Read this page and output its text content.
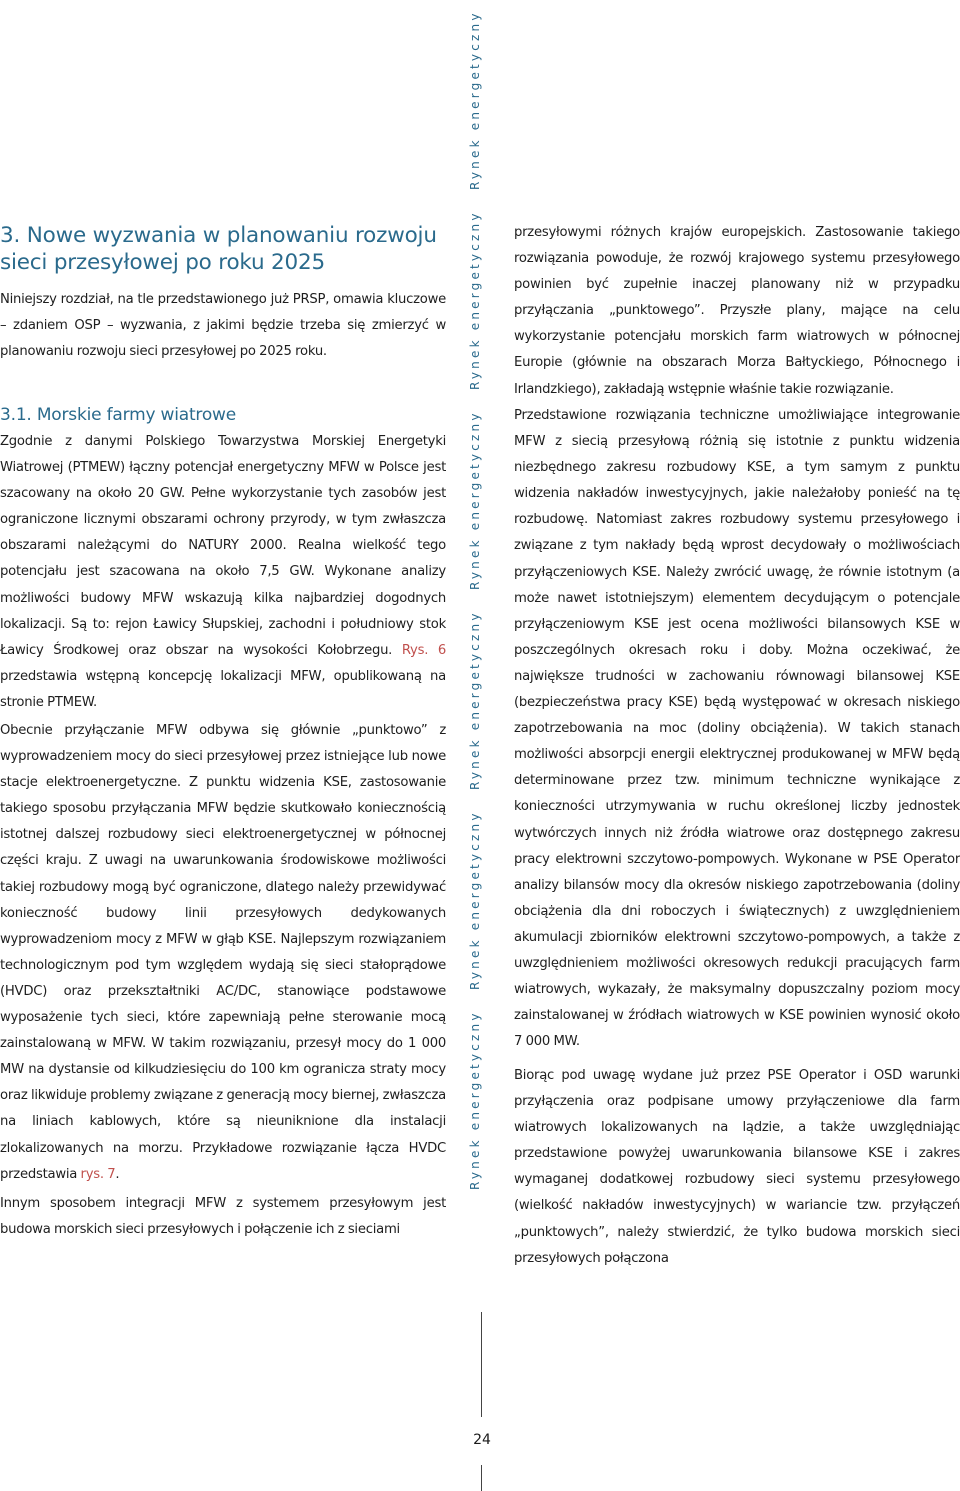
3. Nowe wyzwania w planowaniu rozwoju sieci przesyłowej po roku 2025

Niniejszy rozdział, na tle przedstawionego już PRSP, omawia kluczowe – zdaniem OSP – wyzwania, z jakimi będzie trzeba się zmierzyć w planowaniu rozwoju sieci przesyłowej po 2025 roku.

3.1. Morskie farmy wiatrowe

Zgodnie z danymi Polskiego Towarzystwa Morskiej Energetyki Wiatrowej (PTMEW) łączny potencjał energetyczny MFW w Polsce jest szacowany na około 20 GW. Pełne wykorzystanie tych zasobów jest ograniczone licznymi obszarami ochrony przyrody, w tym zwłaszcza obszarami należącymi do NATURY 2000. Realna wielkość tego potencjału jest szacowana na około 7,5 GW. Wykonane analizy możliwości budowy MFW wskazują kilka najbardziej dogodnych lokalizacji. Są to: rejon Ławicy Słupskiej, zachodni i południowy stok Ławicy Środkowej oraz obszar na wysokości Kołobrzegu. Rys. 6 przedstawia wstępną koncepcję lokalizacji MFW, opublikowaną na stronie PTMEW.

Obecnie przyłączanie MFW odbywa się głównie „punktowo” z wyprowadzeniem mocy do sieci przesyłowej przez istniejące lub nowe stacje elektroenergetyczne. Z punktu widzenia KSE, zastosowanie takiego sposobu przyłączania MFW będzie skutkowało koniecznością istotnej dalszej rozbudowy sieci elektroenergetycznej w północnej części kraju. Z uwagi na uwarunkowania środowiskowe możliwości takiej rozbudowy mogą być ograniczone, dlatego należy przewidywać konieczność budowy linii przesyłowych dedykowanych wyprowadzeniom mocy z MFW w głąb KSE. Najlepszym rozwiązaniem technologicznym pod tym względem wydają się sieci stałoprądowe (HVDC) oraz przekształtniki AC/DC, stanowiące podstawowe wyposażenie tych sieci, które zapewniają pełne sterowanie mocą zainstalowaną w MFW. W takim rozwiązaniu, przesył mocy do 1 000 MW na dystansie od kilkudziesięciu do 100 km ogranicza straty mocy oraz likwiduje problemy związane z generacją mocy biernej, zwłaszcza na liniach kablowych, które są nieuniknione dla instalacji zlokalizowanych na morzu. Przykładowe rozwiązanie łącza HVDC przedstawia rys. 7.

Innym sposobem integracji MFW z systemem przesyłowym jest budowa morskich sieci przesyłowych i połączenie ich z sieciami

Rynek energetyczny
Rynek energetyczny
Rynek energetyczny
Rynek energetyczny
Rynek energetyczny
Rynek energetyczny
24

przesyłowymi różnych krajów europejskich. Zastosowanie takiego rozwiązania powoduje, że rozwój krajowego systemu przesyłowego powinien być zupełnie inaczej planowany niż w przypadku przyłączania „punktowego”. Przyszłe plany, mające na celu wykorzystanie potencjału morskich farm wiatrowych w północnej Europie (głównie na obszarach Morza Bałtyckiego, Północnego i Irlandzkiego), zakładają wstępnie właśnie takie rozwiązanie.

Przedstawione rozwiązania techniczne umożliwiające integrowanie MFW z siecią przesyłową różnią się istotnie z punktu widzenia niezbędnego zakresu rozbudowy KSE, a tym samym z punktu widzenia nakładów inwestycyjnych, jakie należałoby ponieść na tę rozbudowę. Natomiast zakres rozbudowy systemu przesyłowego i związane z tym nakłady będą wprost decydowały o możliwościach przyłączeniowych KSE. Należy zwrócić uwagę, że równie istotnym (a może nawet istotniejszym) elementem decydującym o potencjale przyłączeniowym KSE jest ocena możliwości bilansowych KSE w poszczególnych okresach roku i doby. Można oczekiwać, że największe trudności w zachowaniu równowagi bilansowej KSE (bezpieczeństwa pracy KSE) będą występować w okresach niskiego zapotrzebowania na moc (doliny obciążenia). W takich stanach możliwości absorpcji energii elektrycznej produkowanej w MFW będą determinowane przez tzw. minimum techniczne wynikające z konieczności utrzymywania w ruchu określonej liczby jednostek wytwórczych innych niż źródła wiatrowe oraz dostępnego zakresu pracy elektrowni szczytowo-pompowych. Wykonane w PSE Operator analizy bilansów mocy dla okresów niskiego zapotrzebowania (doliny obciążenia dla dni roboczych i świątecznych) z uwzględnieniem akumulacji zbiorników elektrowni szczytowo-pompowych, a także z uwzględnieniem możliwości okresowych redukcji pracujących farm wiatrowych, wykazały, że maksymalny dopuszczalny poziom mocy zainstalowanej w źródłach wiatrowych w KSE powinien wynosić około 7 000 MW.

Biorąc pod uwagę wydane już przez PSE Operator i OSD warunki przyłączenia oraz podpisane umowy przyłączeniowe dla farm wiatrowych lokalizowanych na lądzie, a także uwzględniając przedstawione powyżej uwarunkowania bilansowe KSE i zakres wymaganej dodatkowej rozbudowy sieci systemu przesyłowego (wielkość nakładów inwestycyjnych) w wariancie tzw. przyłączeń „punktowych”, należy stwierdzić, że tylko budowa morskich sieci przesyłowych połączona
